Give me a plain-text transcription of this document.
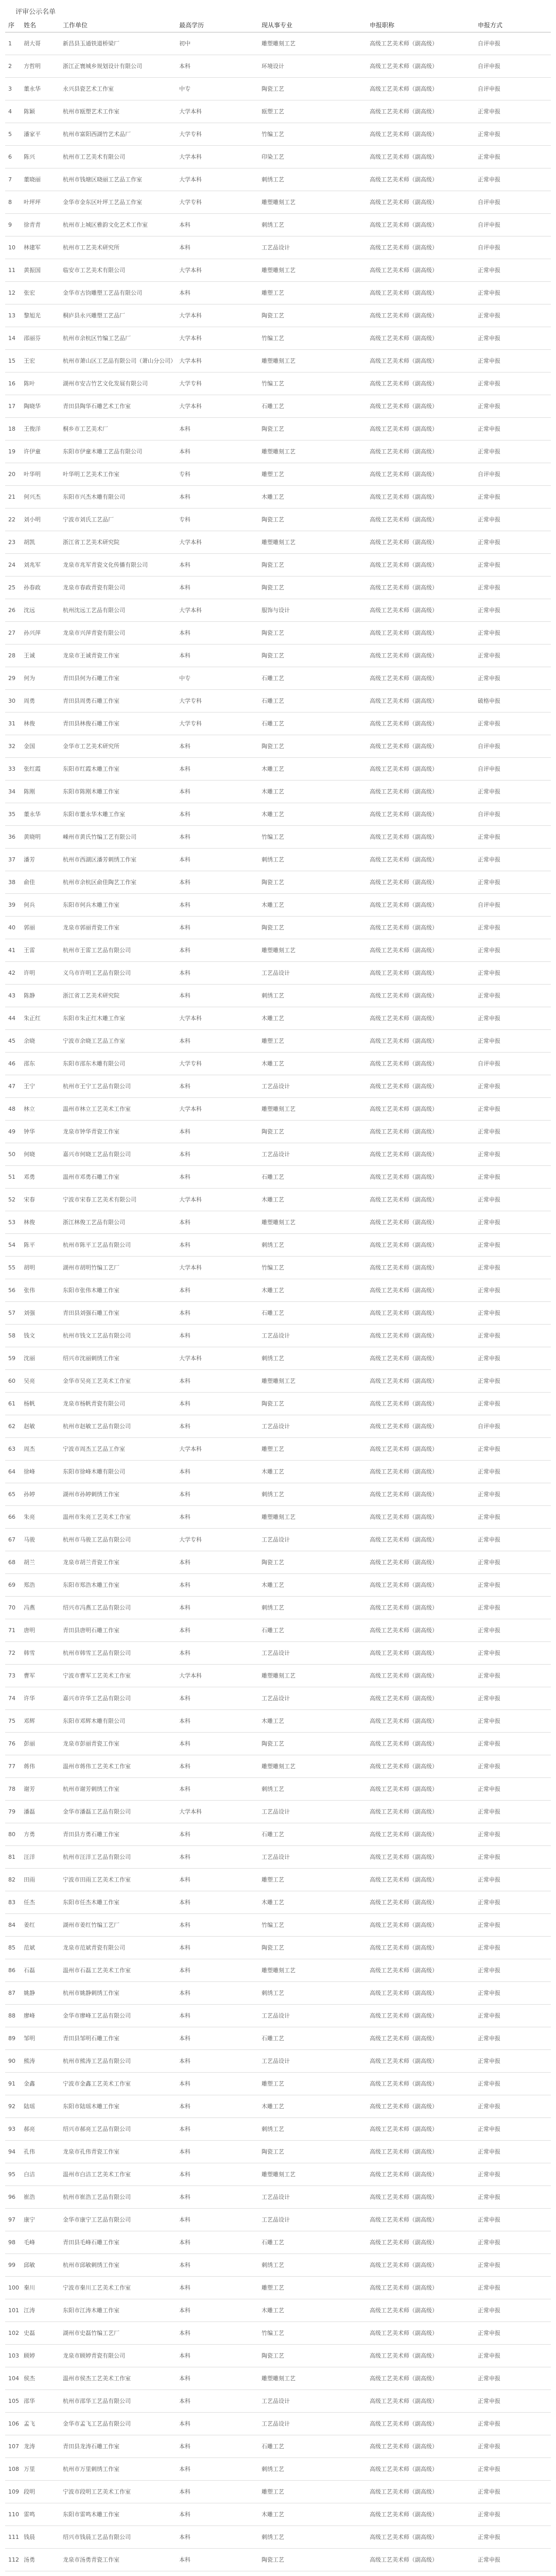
评审公示名单
序	姓名	工作单位	最高学历	现从事专业	申报职称	申报方式
1	胡大哥	新昌县玉通铁道桥梁厂	初中	雕塑雕刻工艺	高级工艺美术师（副高级）	自评申报
2	方哲明	浙江正寰城乡规划设计有限公司	本科	环境设计	高级工艺美术师（副高级）	自评申报
3	董永华	永兴县瓷艺术工作室	中专	陶瓷工艺	高级工艺美术师（副高级）	自评申报
4	陈颖	杭州市瓯塑艺术工作室	大学本科	瓯塑工艺	高级工艺美术师（副高级）	正常申报
5	潘家平	杭州市富阳西湖竹艺术品厂	大学专科	竹编工艺	高级工艺美术师（副高级）	正常申报
6	陈兴	杭州市工艺美术有限公司	大学本科	印染工艺	高级工艺美术师（副高级）	正常申报
7	董晓丽	杭州市钱塘区晓丽工艺品工作室	大学本科	刺绣工艺	高级工艺美术师（副高级）	正常申报
8	叶坪坪	金华市金东区叶坪工艺品工作室	大学专科	雕塑雕刻工艺	高级工艺美术师（副高级）	自评申报
9	徐青青	杭州市上城区雅韵文化艺术工作室	本科	刺绣工艺	高级工艺美术师（副高级）	自评申报
10	林建军	杭州市工艺美术研究所	本科	工艺品设计	高级工艺美术师（副高级）	自评申报
11	黄振国	临安市工艺美术有限公司	大学本科	雕塑雕刻工艺	高级工艺美术师（副高级）	正常申报
12	张宏	金华市古钧雕塑工艺品有限公司	本科	雕塑工艺	高级工艺美术师（副高级）	正常申报
13	黎旭光	桐庐县永兴雕塑工艺品厂	大学本科	陶瓷工艺	高级工艺美术师（副高级）	正常申报
14	邵丽芬	杭州市余杭区竹编工艺品厂	大学本科	竹编工艺	高级工艺美术师（副高级）	正常申报
15	王宏	杭州市萧山区工艺品有限公司（萧山分公司） 大学本科	雕塑雕刻工艺	高级工艺美术师（副高级）	正常申报
16	陈叶	湖州市安吉竹艺文化发展有限公司	大学专科	竹编工艺	高级工艺美术师（副高级）	正常申报
17	陶晓华	青田县陶华石雕艺术工作室	大学本科	石雕工艺	高级工艺美术师（副高级）	正常申报
18	王俊洋	桐乡市工艺美术厂	本科	陶瓷工艺	高级工艺美术师（副高级）	正常申报
19	许伊童	东阳市伊童木雕工艺品有限公司	本科	雕塑雕刻工艺	高级工艺美术师（副高级）	正常申报
20	叶华明	叶华明工艺美术工作室	专科	雕塑工艺	高级工艺美术师（副高级）	自评申报
21	何兴杰	东阳市兴杰木雕有限公司	本科	木雕工艺	高级工艺美术师（副高级）	正常申报
22	刘小明	宁波市刘氏工艺品厂	专科	陶瓷工艺	高级工艺美术师（副高级）	正常申报
23	胡凯	浙江省工艺美术研究院	大学本科	雕塑雕刻工艺	高级工艺美术师（副高级）	正常申报
24	刘兆军	龙泉市兆军青瓷文化传播有限公司	本科	陶瓷工艺	高级工艺美术师（副高级）	正常申报
25	孙春政	龙泉市春政青瓷有限公司	本科	陶瓷工艺	高级工艺美术师（副高级）	正常申报
26	沈远	杭州沈远工艺品有限公司	大学本科	服饰与设计	高级工艺美术师（副高级）	正常申报
27	孙兴萍	龙泉市兴萍青瓷有限公司	本科	陶瓷工艺	高级工艺美术师（副高级）	正常申报
28	王诚	龙泉市王诚青瓷工作室	本科	陶瓷工艺	高级工艺美术师（副高级）	正常申报
29	何为	青田县何为石雕工作室	中专	石雕工艺	高级工艺美术师（副高级）	正常申报
30	周勇	青田县周勇石雕工作室	大学专科	石雕工艺	高级工艺美术师（副高级）	破格申报
31	林俊	青田县林俊石雕工作室	大学专科	石雕工艺	高级工艺美术师（副高级）	正常申报
32	金国	金华市工艺美术研究所	本科	陶瓷工艺	高级工艺美术师（副高级）	自评申报
33	张红霞	东阳市红霞木雕工作室	本科	木雕工艺	高级工艺美术师（副高级）	自评申报
34	陈刚	东阳市陈刚木雕工作室	本科	木雕工艺	高级工艺美术师（副高级）	正常申报
35	董永华	东阳市董永华木雕工作室	本科	木雕工艺	高级工艺美术师（副高级）	自评申报
36	黄晓明	嵊州市黄氏竹编工艺有限公司	本科	竹编工艺	高级工艺美术师（副高级）	正常申报
37	潘芳	杭州市西湖区潘芳刺绣工作室	本科	刺绣工艺	高级工艺美术师（副高级）	正常申报
38	俞佳	杭州市余杭区俞佳陶艺工作室	本科	陶瓷工艺	高级工艺美术师（副高级）	正常申报
39	何兵	东阳市何兵木雕工作室	本科	木雕工艺	高级工艺美术师（副高级）	自评申报
40	郭丽	龙泉市郭丽青瓷工作室	本科	陶瓷工艺	高级工艺美术师（副高级）	正常申报
41	王雷	杭州市王雷工艺品有限公司	本科	雕塑雕刻工艺	高级工艺美术师（副高级）	正常申报
42	许明	义乌市许明工艺品有限公司	本科	工艺品设计	高级工艺美术师（副高级）	正常申报
43	陈静	浙江省工艺美术研究院	本科	刺绣工艺	高级工艺美术师（副高级）	正常申报
44	朱正红	东阳市朱正红木雕工作室	大学本科	木雕工艺	高级工艺美术师（副高级）	正常申报
45	余晓	宁波市余晓工艺品工作室	本科	雕塑工艺	高级工艺美术师（副高级）	正常申报
46	邵东	东阳市邵东木雕有限公司	大学专科	木雕工艺	高级工艺美术师（副高级）	自评申报
47	王宁	杭州市王宁工艺品有限公司	本科	工艺品设计	高级工艺美术师（副高级）	正常申报
48	林立	温州市林立工艺美术工作室	大学本科	雕塑雕刻工艺	高级工艺美术师（副高级）	正常申报
49	钟华	龙泉市钟华青瓷工作室	本科	陶瓷工艺	高级工艺美术师（副高级）	正常申报
50	何晓	嘉兴市何晓工艺品有限公司	本科	工艺品设计	高级工艺美术师（副高级）	正常申报
51	邓勇	温州市邓勇石雕工作室	本科	石雕工艺	高级工艺美术师（副高级）	正常申报
52	宋春	宁波市宋春工艺美术有限公司	大学本科	木雕工艺	高级工艺美术师（副高级）	正常申报
53	林俊	浙江林俊工艺品有限公司	本科	雕塑雕刻工艺	高级工艺美术师（副高级）	正常申报
54	陈平	杭州市陈平工艺品有限公司	本科	刺绣工艺	高级工艺美术师（副高级）	正常申报
55	胡明	湖州市胡明竹编工艺厂	大学本科	竹编工艺	高级工艺美术师（副高级）	正常申报
56	张伟	东阳市张伟木雕工作室	本科	木雕工艺	高级工艺美术师（副高级）	正常申报
57	刘强	青田县刘强石雕工作室	本科	石雕工艺	高级工艺美术师（副高级）	正常申报
58	钱文	杭州市钱文工艺品有限公司	本科	工艺品设计	高级工艺美术师（副高级）	正常申报
59	沈丽	绍兴市沈丽刺绣工作室	大学本科	刺绣工艺	高级工艺美术师（副高级）	正常申报
60	吴亮	金华市吴亮工艺美术工作室	本科	雕塑雕刻工艺	高级工艺美术师（副高级）	正常申报
61	杨帆	龙泉市杨帆青瓷有限公司	本科	陶瓷工艺	高级工艺美术师（副高级）	正常申报
62	赵敏	杭州市赵敏工艺品有限公司	本科	工艺品设计	高级工艺美术师（副高级）	自评申报
63	周杰	宁波市周杰工艺品工作室	大学本科	雕塑工艺	高级工艺美术师（副高级）	正常申报
64	徐峰	东阳市徐峰木雕有限公司	本科	木雕工艺	高级工艺美术师（副高级）	正常申报
65	孙婷	湖州市孙婷刺绣工作室	本科	刺绣工艺	高级工艺美术师（副高级）	正常申报
66	朱亮	温州市朱亮工艺美术工作室	本科	雕塑雕刻工艺	高级工艺美术师（副高级）	正常申报
67	马骏	杭州市马骏工艺品有限公司	大学专科	工艺品设计	高级工艺美术师（副高级）	正常申报
68	胡兰	龙泉市胡兰青瓷工作室	本科	陶瓷工艺	高级工艺美术师（副高级）	正常申报
69	郑浩	东阳市郑浩木雕工作室	本科	木雕工艺	高级工艺美术师（副高级）	正常申报
70	冯燕	绍兴市冯燕工艺品有限公司	本科	刺绣工艺	高级工艺美术师（副高级）	正常申报
71	唐明	青田县唐明石雕工作室	本科	石雕工艺	高级工艺美术师（副高级）	正常申报
72	韩雪	杭州市韩雪工艺品有限公司	本科	工艺品设计	高级工艺美术师（副高级）	正常申报
73	曹军	宁波市曹军工艺美术工作室	大学本科	雕塑雕刻工艺	高级工艺美术师（副高级）	正常申报
74	许华	嘉兴市许华工艺品有限公司	本科	工艺品设计	高级工艺美术师（副高级）	正常申报
75	邓辉	东阳市邓辉木雕有限公司	本科	木雕工艺	高级工艺美术师（副高级）	正常申报
76	彭丽	龙泉市彭丽青瓷工作室	本科	陶瓷工艺	高级工艺美术师（副高级）	正常申报
77	蒋伟	温州市蒋伟工艺美术工作室	本科	雕塑雕刻工艺	高级工艺美术师（副高级）	正常申报
78	谢芳	杭州市谢芳刺绣工作室	本科	刺绣工艺	高级工艺美术师（副高级）	正常申报
79	潘磊	金华市潘磊工艺品有限公司	大学本科	工艺品设计	高级工艺美术师（副高级）	正常申报
80	方勇	青田县方勇石雕工作室	本科	石雕工艺	高级工艺美术师（副高级）	正常申报
81	汪洋	杭州市汪洋工艺品有限公司	本科	工艺品设计	高级工艺美术师（副高级）	正常申报
82	田雨	宁波市田雨工艺美术工作室	本科	雕塑工艺	高级工艺美术师（副高级）	正常申报
83	任杰	东阳市任杰木雕工作室	本科	木雕工艺	高级工艺美术师（副高级）	正常申报
84	姜红	湖州市姜红竹编工艺厂	本科	竹编工艺	高级工艺美术师（副高级）	正常申报
85	范斌	龙泉市范斌青瓷有限公司	本科	陶瓷工艺	高级工艺美术师（副高级）	正常申报
86	石磊	温州市石磊工艺美术工作室	本科	雕塑雕刻工艺	高级工艺美术师（副高级）	正常申报
87	姚静	杭州市姚静刺绣工作室	本科	刺绣工艺	高级工艺美术师（副高级）	正常申报
88	廖峰	金华市廖峰工艺品有限公司	本科	工艺品设计	高级工艺美术师（副高级）	正常申报
89	邹明	青田县邹明石雕工作室	本科	石雕工艺	高级工艺美术师（副高级）	正常申报
90	熊涛	杭州市熊涛工艺品有限公司	本科	工艺品设计	高级工艺美术师（副高级）	正常申报
91	金鑫	宁波市金鑫工艺美术工作室	本科	雕塑工艺	高级工艺美术师（副高级）	正常申报
92	陆瑶	东阳市陆瑶木雕工作室	本科	木雕工艺	高级工艺美术师（副高级）	正常申报
93	郝亮	绍兴市郝亮工艺品有限公司	本科	刺绣工艺	高级工艺美术师（副高级）	正常申报
94	孔伟	龙泉市孔伟青瓷工作室	本科	陶瓷工艺	高级工艺美术师（副高级）	正常申报
95	白洁	温州市白洁工艺美术工作室	本科	雕塑雕刻工艺	高级工艺美术师（副高级）	正常申报
96	崔浩	杭州市崔浩工艺品有限公司	本科	工艺品设计	高级工艺美术师（副高级）	正常申报
97	康宁	金华市康宁工艺品有限公司	本科	工艺品设计	高级工艺美术师（副高级）	正常申报
98	毛峰	青田县毛峰石雕工作室	本科	石雕工艺	高级工艺美术师（副高级）	正常申报
99	邱敏	杭州市邱敏刺绣工作室	本科	刺绣工艺	高级工艺美术师（副高级）	正常申报
100 秦川	宁波市秦川工艺美术工作室	本科	雕塑工艺	高级工艺美术师（副高级）	正常申报
101 江涛	东阳市江涛木雕工作室	本科	木雕工艺	高级工艺美术师（副高级）	正常申报
102 史磊	湖州市史磊竹编工艺厂	本科	竹编工艺	高级工艺美术师（副高级）	正常申报
103 顾婷	龙泉市顾婷青瓷有限公司	本科	陶瓷工艺	高级工艺美术师（副高级）	正常申报
104 侯杰	温州市侯杰工艺美术工作室	本科	雕塑雕刻工艺	高级工艺美术师（副高级）	正常申报
105 邵华	杭州市邵华工艺品有限公司	本科	工艺品设计	高级工艺美术师（副高级）	正常申报
106 孟飞	金华市孟飞工艺品有限公司	本科	工艺品设计	高级工艺美术师（副高级）	正常申报
107 龙涛	青田县龙涛石雕工作室	本科	石雕工艺	高级工艺美术师（副高级）	正常申报
108 万里	杭州市万里刺绣工作室	本科	刺绣工艺	高级工艺美术师（副高级）	正常申报
109 段明	宁波市段明工艺美术工作室	本科	雕塑工艺	高级工艺美术师（副高级）	正常申报
110 雷鸣	东阳市雷鸣木雕工作室	本科	木雕工艺	高级工艺美术师（副高级）	正常申报
111 钱晨	绍兴市钱晨工艺品有限公司	本科	刺绣工艺	高级工艺美术师（副高级）	正常申报
112 汤勇	龙泉市汤勇青瓷工作室	本科	陶瓷工艺	高级工艺美术师（副高级）	正常申报
